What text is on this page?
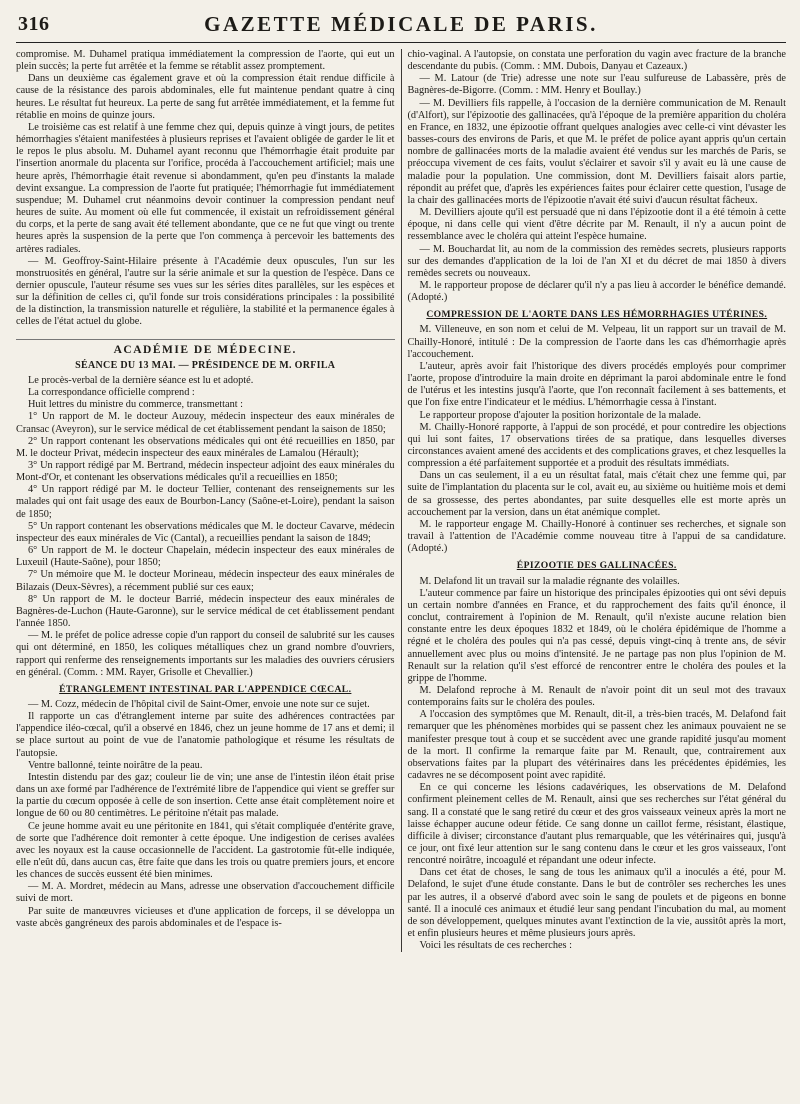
316	GAZETTE MÉDICALE DE PARIS.

compromise. M. Duhamel pratiqua immédiatement la compression de l'aorte, qui eut un plein succès; la perte fut arrêtée et la femme se rétablit assez promptement.

Dans un deuxième cas également grave et où la compression était rendue difficile à cause de la résistance des parois abdominales, elle fut maintenue pendant quatre à cinq heures. Le résultat fut heureux. La perte de sang fut arrêtée immédiatement, et la femme fut rétablie en moins de quinze jours.

Le troisième cas est relatif à une femme chez qui, depuis quinze à vingt jours, de petites hémorrhagies s'étaient manifestées à plusieurs reprises et l'avaient obligée de garder le lit et le repos le plus absolu. M. Duhamel ayant reconnu que l'hémorrhagie était produite par l'insertion anormale du placenta sur l'orifice, procéda à l'accouchement artificiel; mais une heure après, l'hémorrhagie était revenue si abondamment, qu'en peu d'instants la malade devint exsangue. La compression de l'aorte fut pratiquée; l'hémorrhagie fut immédiatement suspendue; M. Duhamel crut néanmoins devoir continuer la compression pendant neuf heures de suite. Au moment où elle fut commencée, il existait un refroidissement général du corps, et la perte de sang avait été tellement abondante, que ce ne fut que vingt ou trente heures après la suspension de la perte que l'on commença à percevoir les battements des artères radiales.

— M. Geoffroy-Saint-Hilaire présente à l'Académie deux opuscules, l'un sur les monstruosités en général, l'autre sur la série animale et sur la question de l'espèce. Dans ce dernier opuscule, l'auteur résume ses vues sur les séries dites parallèles, sur les espèces et sur la définition de celles ci, qu'il fonde sur trois considérations principales : la possibilité de la distinction, la transmission naturelle et régulière, la stabilité et la permanence égales à celles de l'état actuel du globe.

ACADÉMIE DE MÉDECINE.
SÉANCE DU 13 MAI. — PRÉSIDENCE DE M. ORFILA

Le procès-verbal de la dernière séance est lu et adopté.

La correspondance officielle comprend :

Huit lettres du ministre du commerce, transmettant :

1° Un rapport de M. le docteur Auzouy, médecin inspecteur des eaux minérales de Cransac (Aveyron), sur le service médical de cet établissement pendant la saison de 1850;

2° Un rapport contenant les observations médicales qui ont été recueillies en 1850, par M. le docteur Privat, médecin inspecteur des eaux minérales de Lamalou (Hérault);

3° Un rapport rédigé par M. Bertrand, médecin inspecteur adjoint des eaux minérales du Mont-d'Or, et contenant les observations médicales qu'il a recueillies en 1850;

4° Un rapport rédigé par M. le docteur Tellier, contenant des renseignements sur les malades qui ont fait usage des eaux de Bourbon-Lancy (Saône-et-Loire), pendant la saison de 1850;

5° Un rapport contenant les observations médicales que M. le docteur Cavarve, médecin inspecteur des eaux minérales de Vic (Cantal), a recueillies pendant la saison de 1849;

6° Un rapport de M. le docteur Chapelain, médecin inspecteur des eaux minérales de Luxeuil (Haute-Saône), pour 1850;

7° Un mémoire que M. le docteur Morineau, médecin inspecteur des eaux minérales de Bilazais (Deux-Sèvres), a récemment publié sur ces eaux;

8° Un rapport de M. le docteur Barrié, médecin inspecteur des eaux minérales de Bagnères-de-Luchon (Haute-Garonne), sur le service médical de cet établissement pendant l'année 1850.

— M. le préfet de police adresse copie d'un rapport du conseil de salubrité sur les causes qui ont déterminé, en 1850, les coliques métalliques chez un grand nombre d'ouvriers, rapport qui renferme des renseignements importants sur les maladies des ouvriers cérusiers en général. (Comm. : MM. Rayer, Grisolle et Chevallier.)

ÉTRANGLEMENT INTESTINAL PAR L'APPENDICE CŒCAL.

— M. Cozz, médecin de l'hôpital civil de Saint-Omer, envoie une note sur ce sujet.

Il rapporte un cas d'étranglement interne par suite des adhérences contractées par l'appendice iléo-cœcal, qu'il a observé en 1846, chez un jeune homme de 17 ans et demi; il se place surtout au point de vue de l'anatomie pathologique et résume les résultats de l'autopsie.

Ventre ballonné, teinte noirâtre de la peau.

Intestin distendu par des gaz; couleur lie de vin; une anse de l'intestin iléon était prise dans un axe formé par l'adhérence de l'extrémité libre de l'appendice qui vient se greffer sur la partie du cœcum opposée à celle de son insertion. Cette anse était complètement noire et longue de 60 ou 80 centimètres. Le péritoine n'était pas malade.

Ce jeune homme avait eu une péritonite en 1841, qui s'était compliquée d'entérite grave, de sorte que l'adhérence doit remonter à cette époque. Une indigestion de cerises avalées avec les noyaux est la cause occasionnelle de l'accident. La gastrotomie fût-elle indiquée, elle n'eût dû, dans aucun cas, être faite que dans les trois ou quatre premiers jours, et encore les chances de succès eussent été bien minimes.

— M. A. Mordret, médecin au Mans, adresse une observation d'accouchement difficile suivi de mort.

Par suite de manœuvres vicieuses et d'une application de forceps, il se développa un vaste abcès gangréneux des parois abdominales et de l'espace is-

chio-vaginal. A l'autopsie, on constata une perforation du vagin avec fracture de la branche descendante du pubis. (Comm. : MM. Dubois, Danyau et Cazeaux.)

— M. Latour (de Trie) adresse une note sur l'eau sulfureuse de Labassère, près de Bagnères-de-Bigorre. (Comm. : MM. Henry et Boullay.)

— M. Devilliers fils rappelle, à l'occasion de la dernière communication de M. Renault (d'Alfort), sur l'épizootie des gallinacées, qu'à l'époque de la première apparition du choléra en France, en 1832, une épizootie offrant quelques analogies avec celle-ci vint dévaster les basses-cours des environs de Paris, et que M. le préfet de police ayant appris qu'un certain nombre de gallinacées morts de la maladie avaient été vendus sur les marchés de Paris, se préoccupa vivement de ces faits, voulut s'éclairer et savoir s'il y avait eu là une cause de maladie pour la population. Une commission, dont M. Devilliers faisait alors partie, répondit au préfet que, d'après les expériences faites pour éclairer cette question, l'usage de la chair des gallinacées morts de l'épizootie n'avait été suivi d'aucun résultat fâcheux.

M. Devilliers ajoute qu'il est persuadé que ni dans l'épizootie dont il a été témoin à cette époque, ni dans celle qui vient d'être décrite par M. Renault, il n'y a aucun point de ressemblance avec le choléra qui atteint l'espèce humaine.

— M. Bouchardat lit, au nom de la commission des remèdes secrets, plusieurs rapports sur des demandes d'application de la loi de l'an XI et du décret de mai 1850 à divers remèdes secrets ou nouveaux.

M. le rapporteur propose de déclarer qu'il n'y a pas lieu à accorder le bénéfice demandé. (Adopté.)

COMPRESSION DE L'AORTE DANS LES HÉMORRHAGIES UTÉRINES.

M. Villeneuve, en son nom et celui de M. Velpeau, lit un rapport sur un travail de M. Chailly-Honoré, intitulé : De la compression de l'aorte dans les cas d'hémorrhagie après l'accouchement.

L'auteur, après avoir fait l'historique des divers procédés employés pour comprimer l'aorte, propose d'introduire la main droite en déprimant la paroi abdominale entre le fond de l'utérus et les intestins jusqu'à l'aorte, que l'on reconnaît facilement à ses battements, et que l'on fixe entre l'indicateur et le médius. L'hémorrhagie cessa à l'instant.

Le rapporteur propose d'ajouter la position horizontale de la malade.

M. Chailly-Honoré rapporte, à l'appui de son procédé, et pour contredire les objections qui lui sont faites, 17 observations tirées de sa pratique, dans lesquelles diverses circonstances avaient amené des accidents et des complications graves, et chez lesquelles la compression a été parfaitement supportée et a produit des résultats immédiats.

Dans un cas seulement, il a eu un résultat fatal, mais c'était chez une femme qui, par suite de l'implantation du placenta sur le col, avait eu, au sixième ou huitième mois et demi de sa grossesse, des pertes abondantes, par suite desquelles elle est morte après un accouchement par la version, dans un état anémique complet.

M. le rapporteur engage M. Chailly-Honoré à continuer ses recherches, et signale son travail à l'attention de l'Académie comme nouveau titre à l'appui de sa candidature. (Adopté.)

ÉPIZOOTIE DES GALLINACÉES.

M. Delafond lit un travail sur la maladie régnante des volailles.

L'auteur commence par faire un historique des principales épizooties qui ont sévi depuis un certain nombre d'années en France, et du rapprochement des faits qu'il énonce, il conclut, contrairement à l'opinion de M. Renault, qu'il n'existe aucune relation bien constante entre les deux époques 1832 et 1849, où le choléra épidémique de l'homme a régné et le choléra des poules qui n'a pas cessé, depuis vingt-cinq à trente ans, de sévir annuellement avec plus ou moins d'intensité. Je ne partage pas non plus l'opinion de M. Renault sur la relation qu'il s'est efforcé de rencontrer entre le choléra des poules et la grippe de l'homme.

M. Delafond reproche à M. Renault de n'avoir point dit un seul mot des travaux contemporains faits sur le choléra des poules.

A l'occasion des symptômes que M. Renault, dit-il, a très-bien tracés, M. Delafond fait remarquer que les phénomènes morbides qui se passent chez les animaux pouvaient ne se manifester presque tout à coup et se succèdent avec une grande rapidité jusqu'au moment de la mort. Il confirme la remarque faite par M. Renault, que, contrairement aux observations faites par la plupart des vétérinaires dans les précédentes épidémies, les cadavres ne se décomposent point avec rapidité.

En ce qui concerne les lésions cadavériques, les observations de M. Delafond confirment pleinement celles de M. Renault, ainsi que ses recherches sur l'état général du sang. Il a constaté que le sang retiré du cœur et des gros vaisseaux veineux après la mort ne laisse échapper aucune odeur fétide. Ce sang donne un caillot ferme, résistant, élastique, difficile à diviser; circonstance d'autant plus remarquable, que les vétérinaires qui, jusqu'à ce jour, ont fixé leur attention sur le sang contenu dans le cœur et les gros vaisseaux, l'ont rencontré noirâtre, incoagulé et répandant une odeur infecte.

Dans cet état de choses, le sang de tous les animaux qu'il a inoculés a été, pour M. Delafond, le sujet d'une étude constante. Dans le but de contrôler ses recherches les unes par les autres, il a observé d'abord avec soin le sang de poulets et de pigeons en bonne santé. Il a inoculé ces animaux et étudié leur sang pendant l'incubation du mal, au moment de son développement, quelques minutes avant l'extinction de la vie, aussitôt après la mort, et enfin plusieurs heures et même plusieurs jours après.

Voici les résultats de ces recherches :
